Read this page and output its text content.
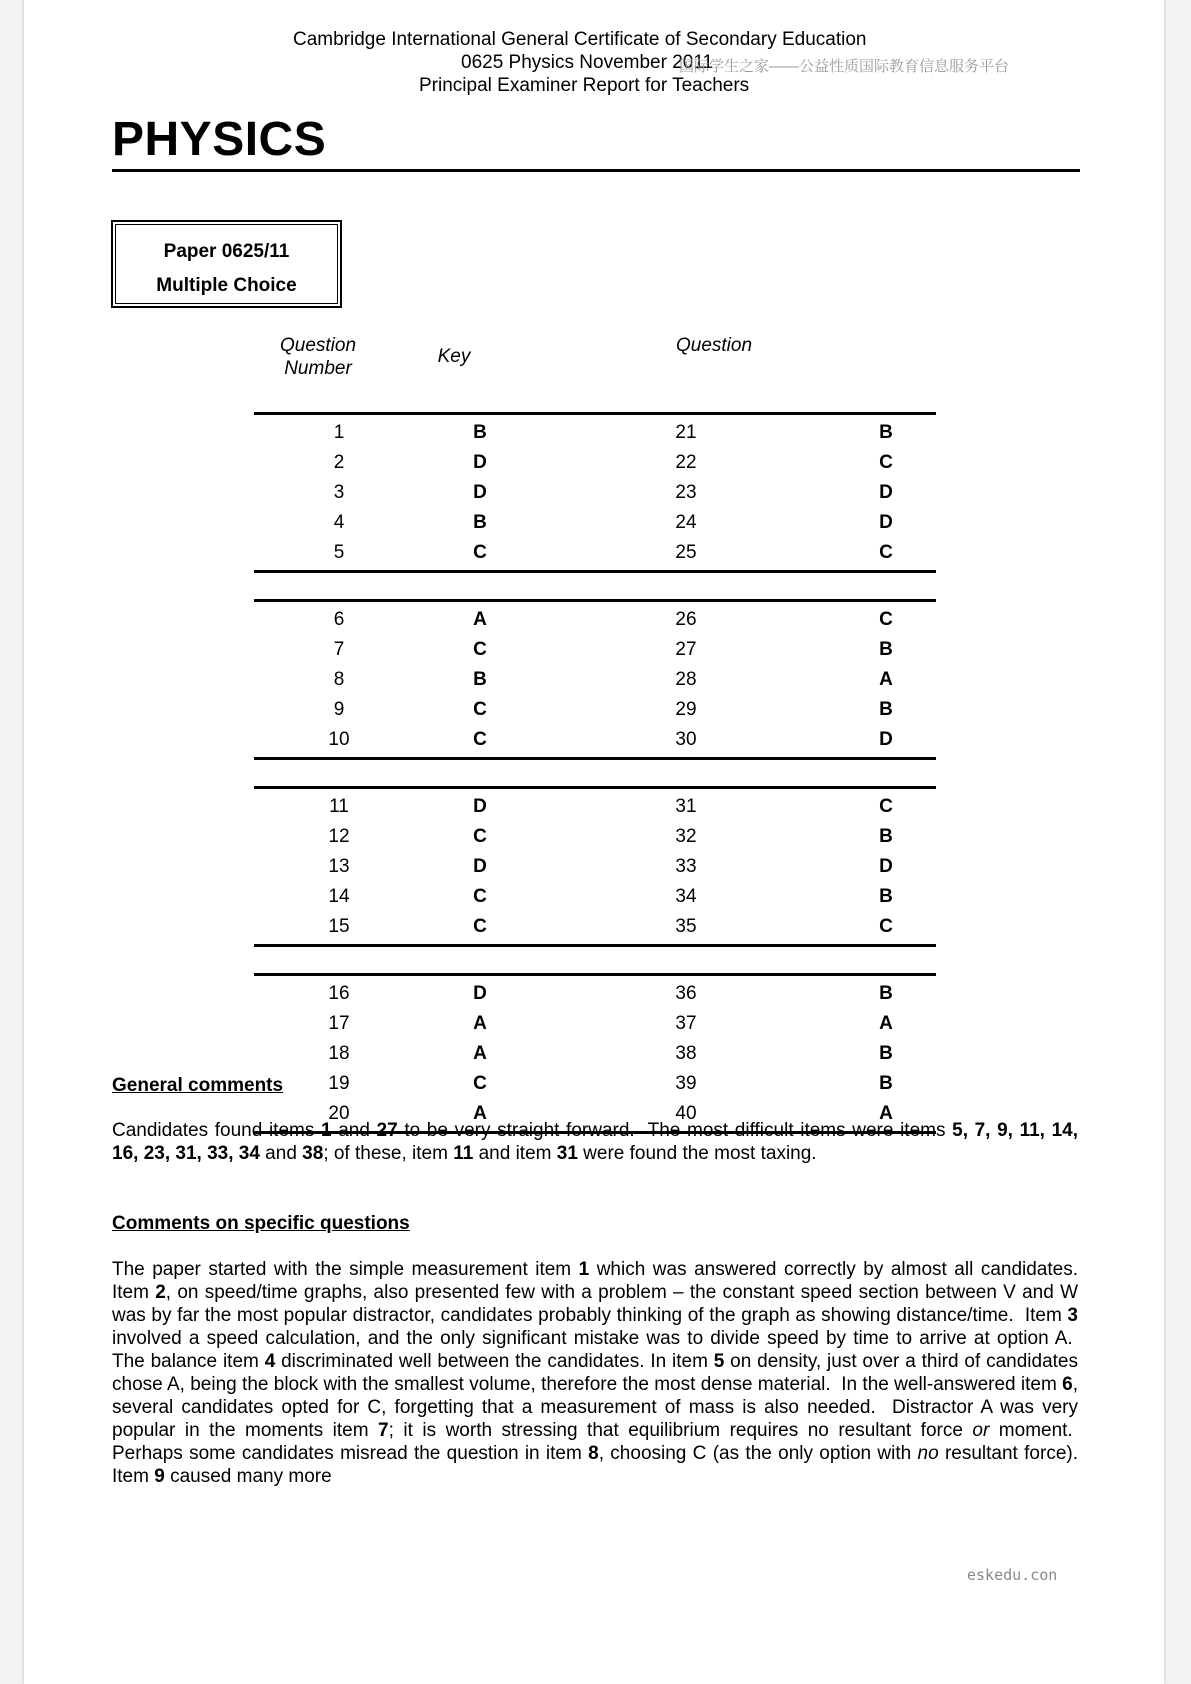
Cambridge International General Certificate of Secondary Education
0625 Physics November 2011
Principal Examiner Report for Teachers
国际学生之家——公益性质国际教育信息服务平台
PHYSICS
Paper 0625/11
Multiple Choice
Question Number
Key
Question
1	B	21	B
2	D	22	C
3	D	23	D
4	B	24	D
5	C	25	C
6	A	26	C
7	C	27	B
8	B	28	A
9	C	29	B
10	C	30	D
11	D	31	C
12	C	32	B
13	D	33	D
14	C	34	B
15	C	35	C
16	D	36	B
17	A	37	A
18	A	38	B
19	C	39	B
20	A	40	A
General comments
Candidates found items 1 and 27 to be very straight forward.  The most difficult items were items 5, 7, 9, 11, 14, 16, 23, 31, 33, 34 and 38; of these, item 11 and item 31 were found the most taxing.
Comments on specific questions
The paper started with the simple measurement item 1 which was answered correctly by almost all candidates. Item 2, on speed/time graphs, also presented few with a problem – the constant speed section between V and W was by far the most popular distractor, candidates probably thinking of the graph as showing distance/time.  Item 3 involved a speed calculation, and the only significant mistake was to divide speed by time to arrive at option A.  The balance item 4 discriminated well between the candidates. In item 5 on density, just over a third of candidates chose A, being the block with the smallest volume, therefore the most dense material.  In the well-answered item 6, several candidates opted for C, forgetting that a measurement of mass is also needed.  Distractor A was very popular in the moments item 7; it is worth stressing that equilibrium requires no resultant force or moment.  Perhaps some candidates misread the question in item 8, choosing C (as the only option with no resultant force). Item 9 caused many more
eskedu.con
